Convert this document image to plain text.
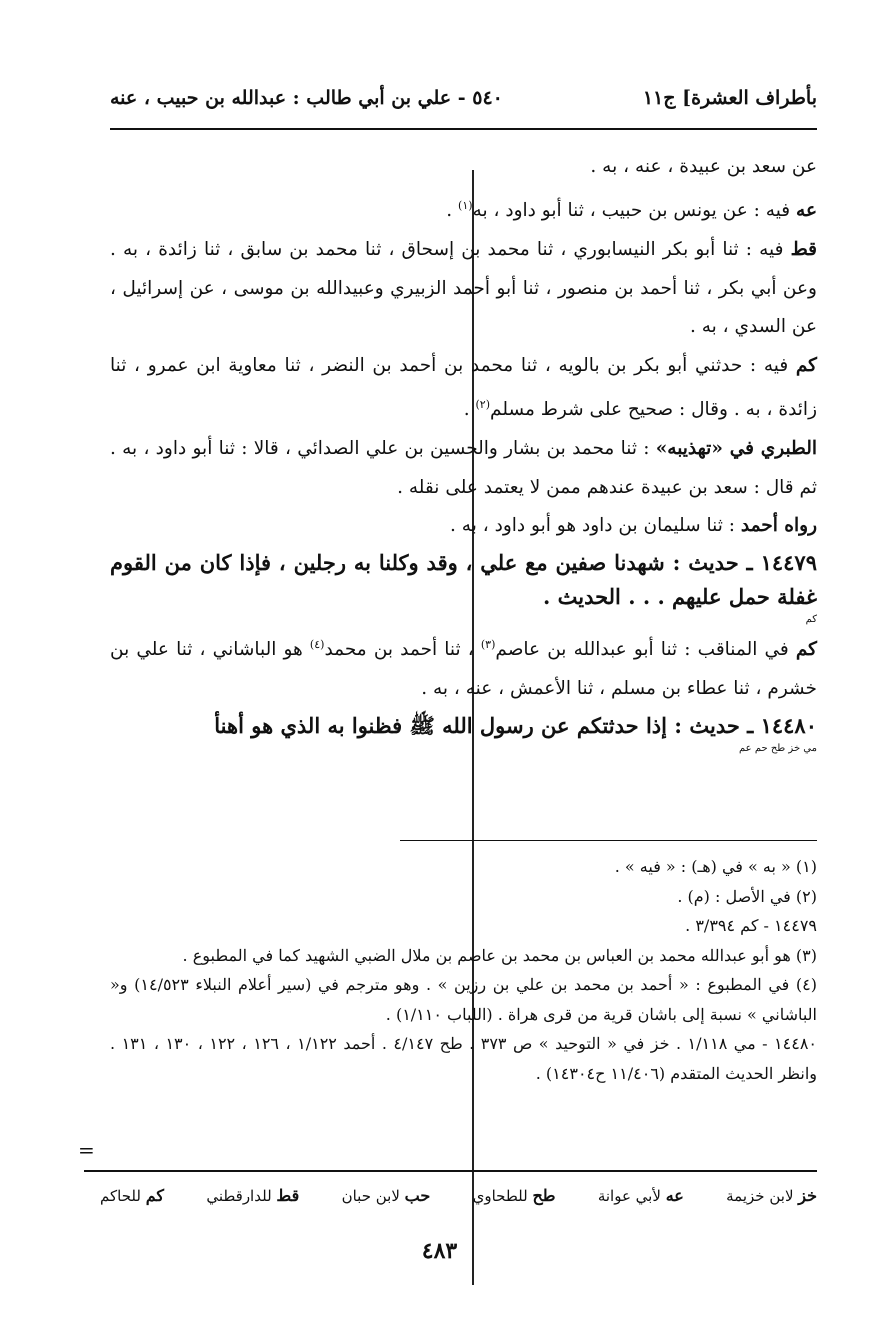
بأطراف العشرة] ج١١
٥٤٠ - علي بن أبي طالب : عبدالله بن حبيب ، عنه

عن سعد بن عبيدة ، عنه ، به .

عه فيه : عن يونس بن حبيب ، ثنا أبو داود ، به$^{(١)}$ .

قط فيه : ثنا أبو بكر النيسابوري ، ثنا محمد بن إسحاق ، ثنا محمد بن سابق ، ثنا زائدة ، به . وعن أبي بكر ، ثنا أحمد بن منصور ، ثنا أبو أحمد الزبيري وعبيدالله بن موسى ، عن إسرائيل ، عن السدي ، به .

كم فيه : حدثني أبو بكر بن بالويه ، ثنا محمد بن أحمد بن النضر ، ثنا معاوية ابن عمرو ، ثنا زائدة ، به . وقال : صحيح على شرط مسلم$^{(٢)}$ .

الطبري في «تهذيبه» : ثنا محمد بن بشار والحسين بن علي الصدائي ، قالا : ثنا أبو داود ، به . ثم قال : سعد بن عبيدة عندهم ممن لا يعتمد على نقله .

رواه أحمد : ثنا سليمان بن داود هو أبو داود ، به .

١٤٤٧٩ ـ حديث : شهدنا صفين مع علي ، وقد وكلنا به رجلين ، فإذا كان من القوم غفلة حمل عليهم . . . الحديث .

كم

كم في المناقب : ثنا أبو عبدالله بن عاصم$^{(٣)}$ ، ثنا أحمد بن محمد$^{(٤)}$ هو الباشاني ، ثنا علي بن خشرم ، ثنا عطاء بن مسلم ، ثنا الأعمش ، عنه ، به .

١٤٤٨٠ ـ حديث : إذا حدثتكم عن رسول الله ﷺ فظنوا به الذي هو أهنأ

مي خز طح حم عم

(١) « به » في (هـ) : « فيه » .

(٢) في الأصل : (م) .

١٤٤٧٩ - كم ٣/٣٩٤ .

(٣) هو أبو عبدالله محمد بن العباس بن محمد بن عاصم بن ملال الضبي الشهيد كما في المطبوع .

(٤) في المطبوع : « أحمد بن محمد بن علي بن رزين » . وهو مترجم في (سير أعلام النبلاء ١٤/٥٢٣) و« الباشاني » نسبة إلى باشان قرية من قرى هراة . (اللباب ١/١١٠) .

١٤٤٨٠ - مي ١/١١٨ . خز في « التوحيد » ص ٣٧٣ . طح ٤/١٤٧ . أحمد ١/١٢٢ ، ١٢٦ ، ١٢٢ ، ١٣٠ ، ١٣١ . وانظر الحديث المتقدم (١١/٤٠٦ ح١٤٣٠٤) .

=
خز لابن خزيمة
عه لأبي عوانة
طح للطحاوي
حب لابن حبان
قط للدارقطني
كم للحاكم
٤٨٣
